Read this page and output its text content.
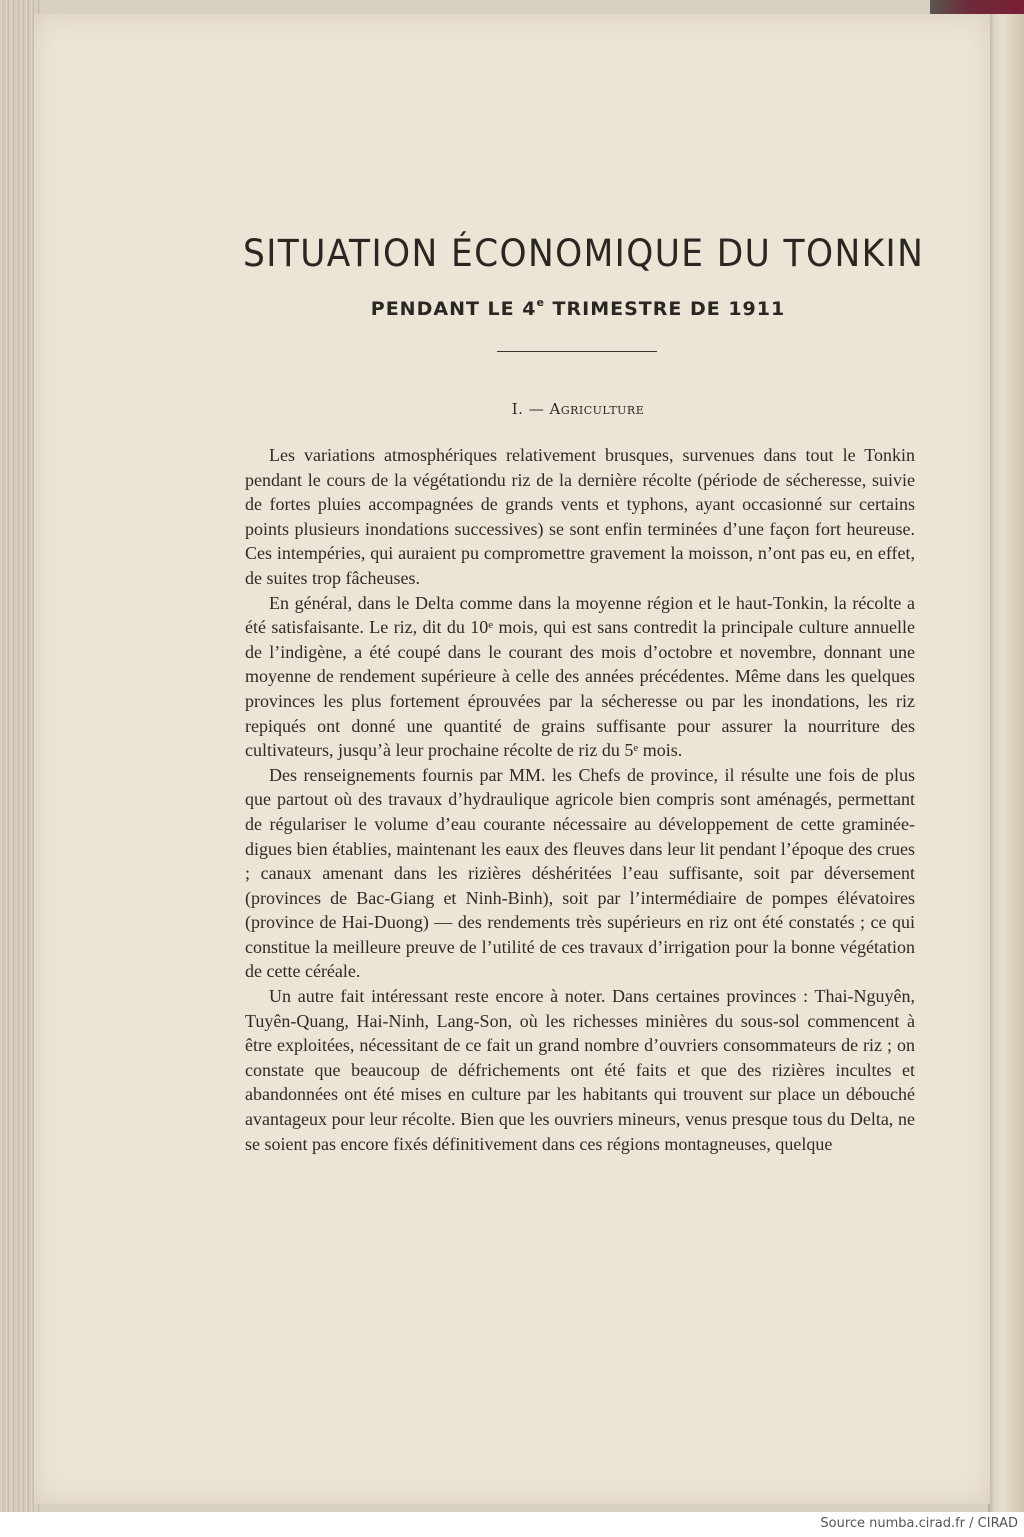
SITUATION ÉCONOMIQUE DU TONKIN
PENDANT LE 4e TRIMESTRE DE 1911
I. — Agriculture

Les variations atmosphériques relativement brusques, survenues dans tout le Tonkin pendant le cours de la végétationdu riz de la dernière récolte (période de sécheresse, suivie de fortes pluies accompagnées de grands vents et typhons, ayant occasionné sur certains points plusieurs inondations successives) se sont enfin terminées d’une façon fort heureuse. Ces intempéries, qui auraient pu compromettre gravement la moisson, n’ont pas eu, en effet, de suites trop fâcheuses.

En général, dans le Delta comme dans la moyenne région et le haut-Tonkin, la récolte a été satisfaisante. Le riz, dit du 10e mois, qui est sans contredit la principale culture annuelle de l’indigène, a été coupé dans le courant des mois d’octobre et novembre, donnant une moyenne de rendement supérieure à celle des années précédentes. Même dans les quelques provinces les plus fortement éprouvées par la sécheresse ou par les inondations, les riz repiqués ont donné une quantité de grains suffisante pour assurer la nourriture des cultivateurs, jusqu’à leur prochaine récolte de riz du 5e mois.

Des renseignements fournis par MM. les Chefs de province, il résulte une fois de plus que partout où des travaux d’hydraulique agricole bien compris sont aménagés, permettant de régulariser le volume d’eau courante nécessaire au développement de cette graminée-digues bien établies, maintenant les eaux des fleuves dans leur lit pendant l’époque des crues ; canaux amenant dans les rizières déshéritées l’eau suffisante, soit par déversement (provinces de Bac-Giang et Ninh-Binh), soit par l’intermédiaire de pompes élévatoires (province de Hai-Duong) — des rendements très supérieurs en riz ont été constatés ; ce qui constitue la meilleure preuve de l’utilité de ces travaux d’irrigation pour la bonne végétation de cette céréale.

Un autre fait intéressant reste encore à noter. Dans certaines provinces : Thai-Nguyên, Tuyên-Quang, Hai-Ninh, Lang-Son, où les richesses minières du sous-sol commencent à être exploitées, nécessitant de ce fait un grand nombre d’ouvriers consommateurs de riz ; on constate que beaucoup de défrichements ont été faits et que des rizières incultes et abandonnées ont été mises en culture par les habitants qui trouvent sur place un débouché avantageux pour leur récolte. Bien que les ouvriers mineurs, venus presque tous du Delta, ne se soient pas encore fixés définitivement dans ces régions montagneuses, quelque

Source numba.cirad.fr / CIRAD
